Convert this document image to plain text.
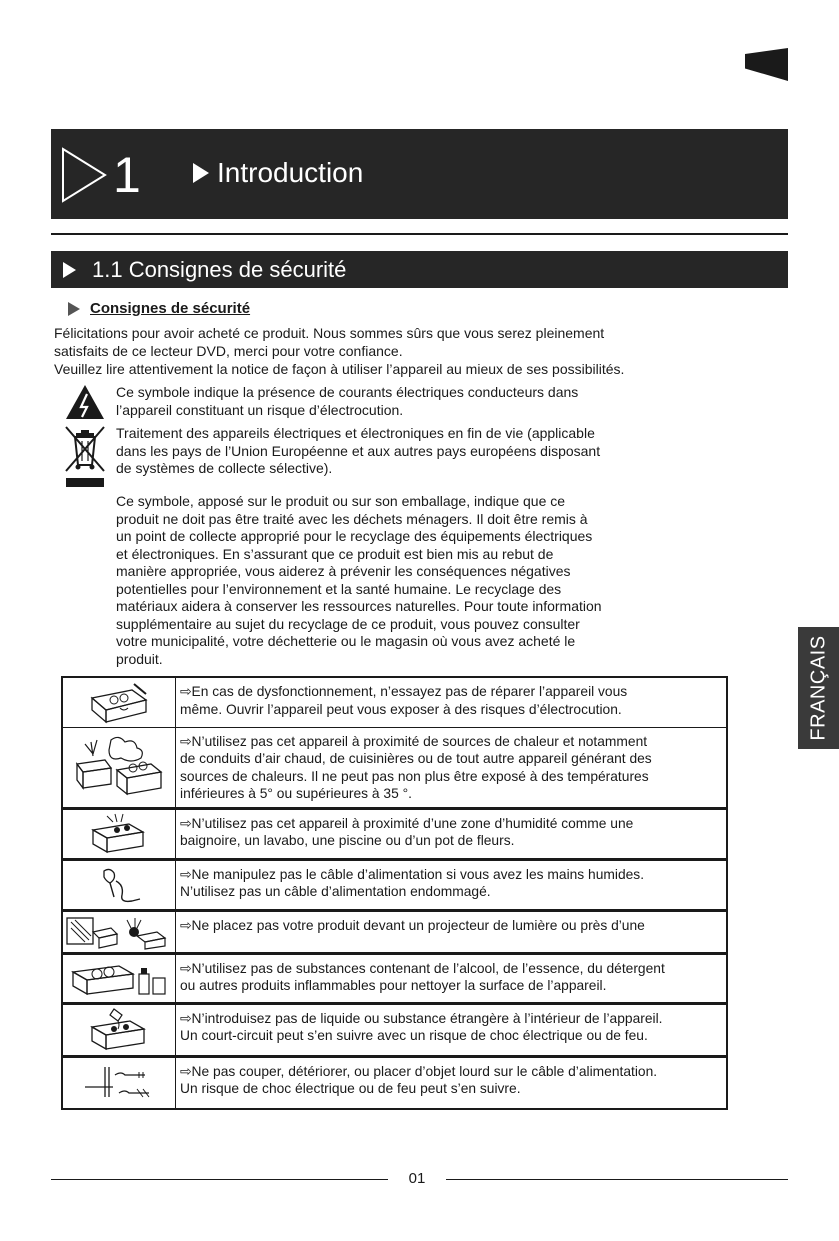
1	Introduction
1.1 Consignes de sécurité
Consignes de sécurité

Félicitations pour avoir acheté ce produit. Nous sommes sûrs que vous serez pleinement

satisfaits de ce lecteur DVD, merci pour votre confiance.

Veuillez lire attentivement la notice de façon à utiliser l’appareil au mieux de ses possibilités.

Ce symbole indique la présence de courants électriques conducteurs dans
l’appareil constituant un risque d’électrocution.
Traitement des appareils électriques et électroniques en fin de vie (applicable
dans les pays de l’Union Européenne et aux autres pays européens disposant
de systèmes de collecte sélective).
Ce symbole, apposé sur le produit ou sur son emballage, indique que ce
produit ne doit pas être traité avec les déchets ménagers. Il doit être remis à
un point de collecte approprié pour le recyclage des équipements électriques
et électroniques. En s’assurant que ce produit est bien mis au rebut de
manière appropriée, vous aiderez à prévenir les conséquences négatives
potentielles pour l’environnement et la santé humaine. Le recyclage des
matériaux aidera à conserver les ressources naturelles. Pour toute information
supplémentaire au sujet du recyclage de ce produit, vous pouvez consulter
votre municipalité, votre déchetterie ou le magasin où vous avez acheté le
produit.

⇨En cas de dysfonctionnement, n’essayez pas de réparer l’appareil vous
même. Ouvrir l’appareil peut vous exposer à des risques d’électrocution.

⇨N’utilisez pas cet appareil à proximité de sources de chaleur et notamment
de conduits d’air chaud, de cuisinières ou de tout autre appareil générant des
sources de chaleurs. Il ne peut pas non plus être exposé à des températures
inférieures à 5° ou supérieures à 35 °.

⇨N’utilisez pas cet appareil à proximité d’une zone d’humidité comme une
baignoire, un lavabo, une piscine ou d’un pot de fleurs.

⇨Ne manipulez pas le câble d’alimentation si vous avez les mains humides.
N’utilisez pas un câble d’alimentation endommagé.

⇨Ne placez pas votre produit devant un projecteur de lumière ou près d’une

⇨N’utilisez pas de substances contenant de l’alcool, de l’essence, du détergent
ou autres produits inflammables pour nettoyer la surface de l’appareil.

⇨N’introduisez pas de liquide ou substance étrangère à l’intérieur de l’appareil.
Un court-circuit peut s’en suivre avec un risque de choc électrique ou de feu.

⇨Ne pas couper, détériorer, ou placer d’objet lourd sur le câble d’alimentation.
Un risque de choc électrique ou de feu peut s’en suivre.
FRANÇAIS
01
